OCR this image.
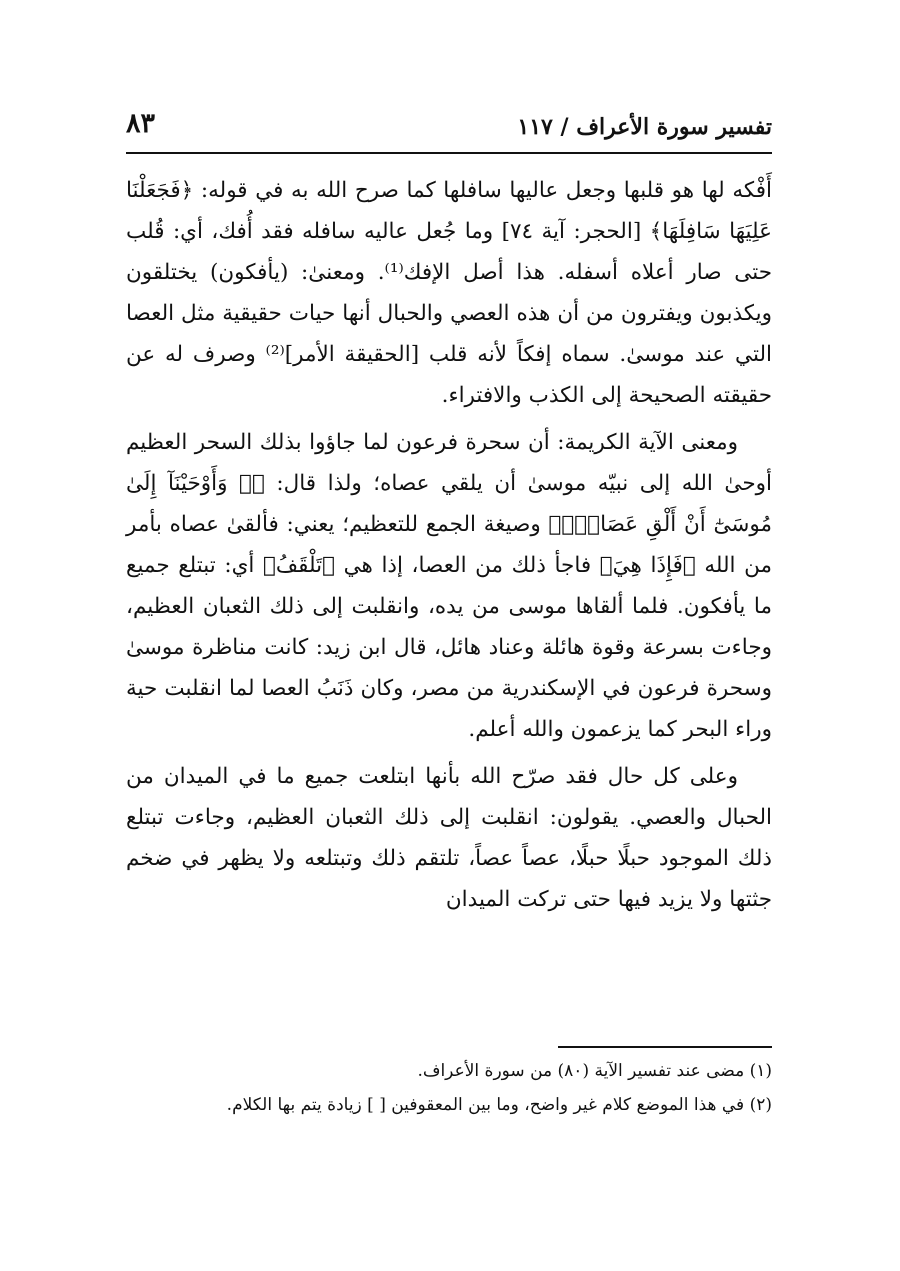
تفسير سورة الأعراف / ١١٧
٨٣

أَفْكه لها هو قلبها وجعل عاليها سافلها كما صرح الله به في قوله: ﴿فَجَعَلْنَا عَلِيَهَا سَافِلَهَا﴾ [الحجر: آية ٧٤] وما جُعل عاليه سافله فقد أُفك، أي: قُلب حتى صار أعلاه أسفله. هذا أصل الإفك⁽¹⁾. ومعنىٰ: (يأفكون) يختلقون ويكذبون ويفترون من أن هذه العصي والحبال أنها حيات حقيقية مثل العصا التي عند موسىٰ. سماه إفكاً لأنه قلب [الحقيقة الأمر]⁽²⁾ وصرف له عن حقيقته الصحيحة إلى الكذب والافتراء.

ومعنى الآية الكريمة: أن سحرة فرعون لما جاؤوا بذلك السحر العظيم أوحىٰ الله إلى نبيّه موسىٰ أن يلقي عصاه؛ ولذا قال: ﴿۞ وَأَوْحَيْنَآ إِلَىٰ مُوسَىٰٓ أَنْ أَلْقِ عَصَاكَۖ﴾ وصيغة الجمع للتعظيم؛ يعني: فألقىٰ عصاه بأمر من الله ﴿فَإِذَا هِيَ﴾ فاجأ ذلك من العصا، إذا هي ﴿تَلْقَفُ﴾ أي: تبتلع جميع ما يأفكون. فلما ألقاها موسى من يده، وانقلبت إلى ذلك الثعبان العظيم، وجاءت بسرعة وقوة هائلة وعناد هائل، قال ابن زيد: كانت مناظرة موسىٰ وسحرة فرعون في الإسكندرية من مصر، وكان ذَنَبُ العصا لما انقلبت حية وراء البحر كما يزعمون والله أعلم.

وعلى كل حال فقد صرّح الله بأنها ابتلعت جميع ما في الميدان من الحبال والعصي. يقولون: انقلبت إلى ذلك الثعبان العظيم، وجاءت تبتلع ذلك الموجود حبلًا حبلًا، عصاً عصاً، تلتقم ذلك وتبتلعه ولا يظهر في ضخم جثتها ولا يزيد فيها حتى تركت الميدان

(١) مضى عند تفسير الآية (٨٠) من سورة الأعراف.

(٢) في هذا الموضع كلام غير واضح، وما بين المعقوفين [ ] زيادة يتم بها الكلام.
